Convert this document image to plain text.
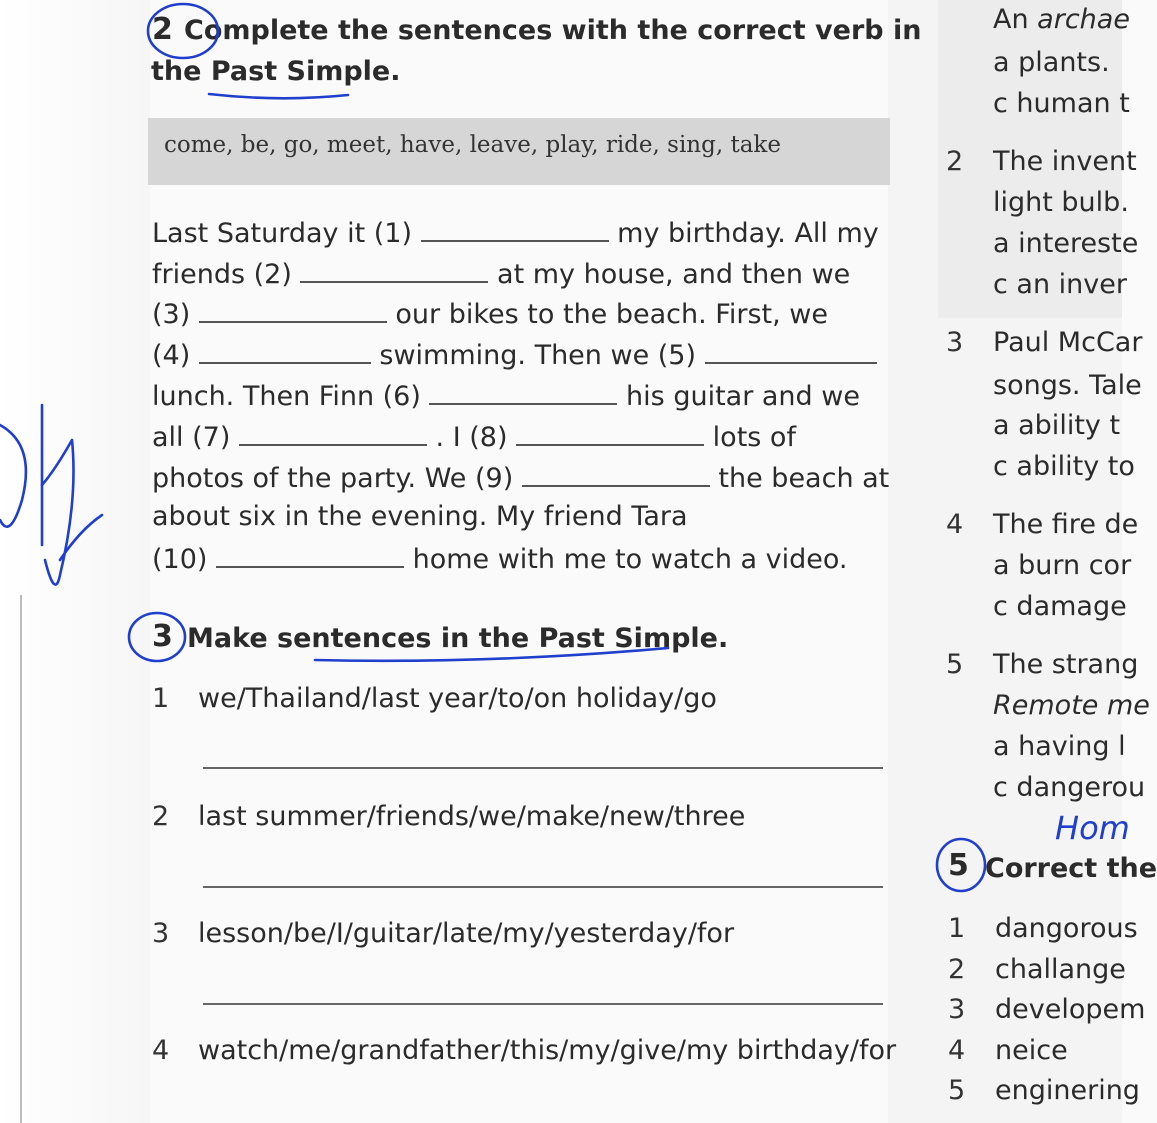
2 Complete the sentences with the correct verb in
the Past Simple.
come, be, go, meet, have, leave, play, ride, sing, take
Last Saturday it (1)	my birthday. All my
friends (2)	at my house, and then we
(3)	our bikes to the beach. First, we
(4)	swimming. Then we (5)
lunch. Then Finn (6)	his guitar and we
all (7)	. I (8)	lots of
photos of the party. We (9)	the beach at
about six in the evening. My friend Tara
(10)	home with me to watch a video.
3 Make sentences in the Past Simple.
1 we/Thailand/last year/to/on holiday/go
2 last summer/friends/we/make/new/three
3 lesson/be/I/guitar/late/my/yesterday/for
4 watch/me/grandfather/this/my/give/my birthday/for
An archae
a plants.
c human t
2 The invent
light bulb.
a intereste
c an inver
3 Paul McCar
songs. Tale
a ability t
c ability to
4 The fire de
a burn cor
c damage
5 The strang
Remote me
a having l
c dangerou
Hom
5 Correct the
1 dangorous
2 challange
3 developem
4 neice
5 enginering
